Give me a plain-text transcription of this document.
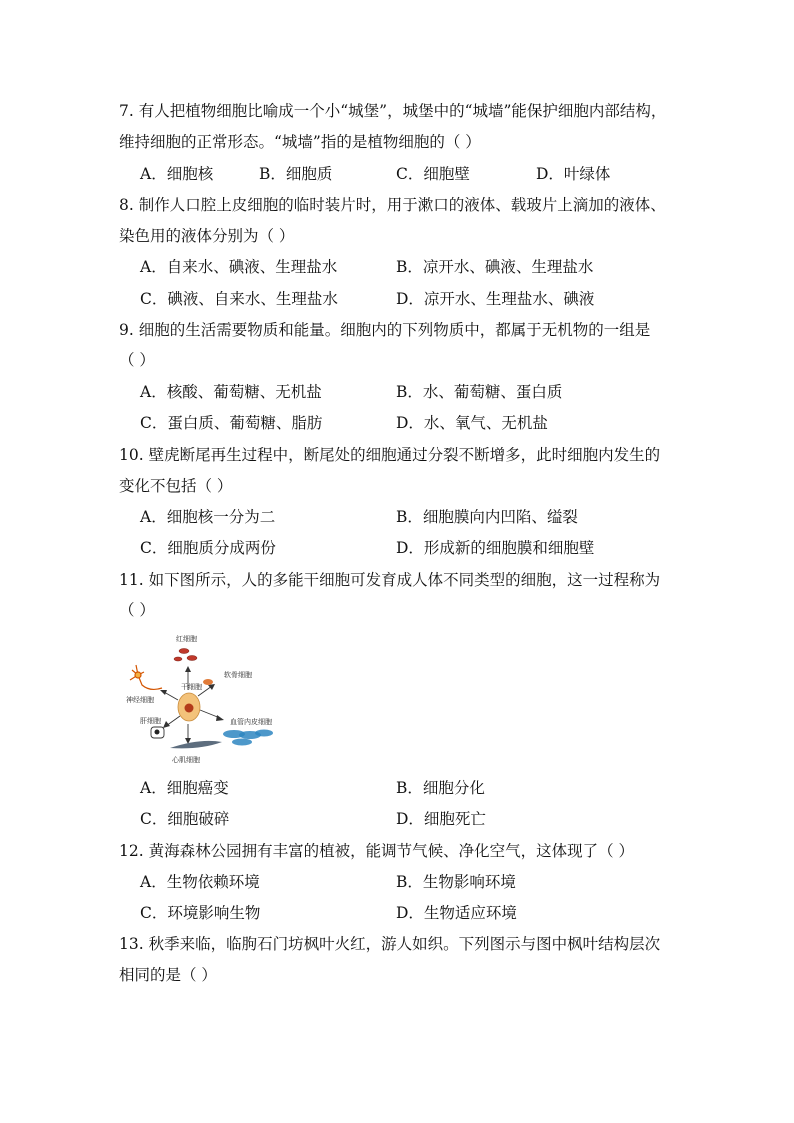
7. 有人把植物细胞比喻成一个小“城堡”，城堡中的“城墙”能保护细胞内部结构，
维持细胞的正常形态。“城墙”指的是植物细胞的（ ）
A．细胞核	B．细胞质	C．细胞壁	D．叶绿体
8. 制作人口腔上皮细胞的临时装片时，用于漱口的液体、载玻片上滴加的液体、
染色用的液体分别为（ ）
A．自来水、碘液、生理盐水	B．凉开水、碘液、生理盐水
C．碘液、自来水、生理盐水	D．凉开水、生理盐水、碘液
9. 细胞的生活需要物质和能量。细胞内的下列物质中，都属于无机物的一组是
（ ）
A．核酸、葡萄糖、无机盐	B．水、葡萄糖、蛋白质
C．蛋白质、葡萄糖、脂肪	D．水、氧气、无机盐
10. 壁虎断尾再生过程中，断尾处的细胞通过分裂不断增多，此时细胞内发生的
变化不包括（ ）
A．细胞核一分为二	B．细胞膜向内凹陷、缢裂
C．细胞质分成两份	D．形成新的细胞膜和细胞壁
11. 如下图所示，人的多能干细胞可发育成人体不同类型的细胞，这一过程称为
（ ）
干细胞
红细胞
软骨细胞
血管内皮细胞
心肌细胞
肝细胞
神经细胞
A．细胞癌变	B．细胞分化
C．细胞破碎	D．细胞死亡
12. 黄海森林公园拥有丰富的植被，能调节气候、净化空气，这体现了（ ）
A．生物依赖环境	B．生物影响环境
C．环境影响生物	D．生物适应环境
13. 秋季来临，临朐石门坊枫叶火红，游人如织。下列图示与图中枫叶结构层次
相同的是（ ）
